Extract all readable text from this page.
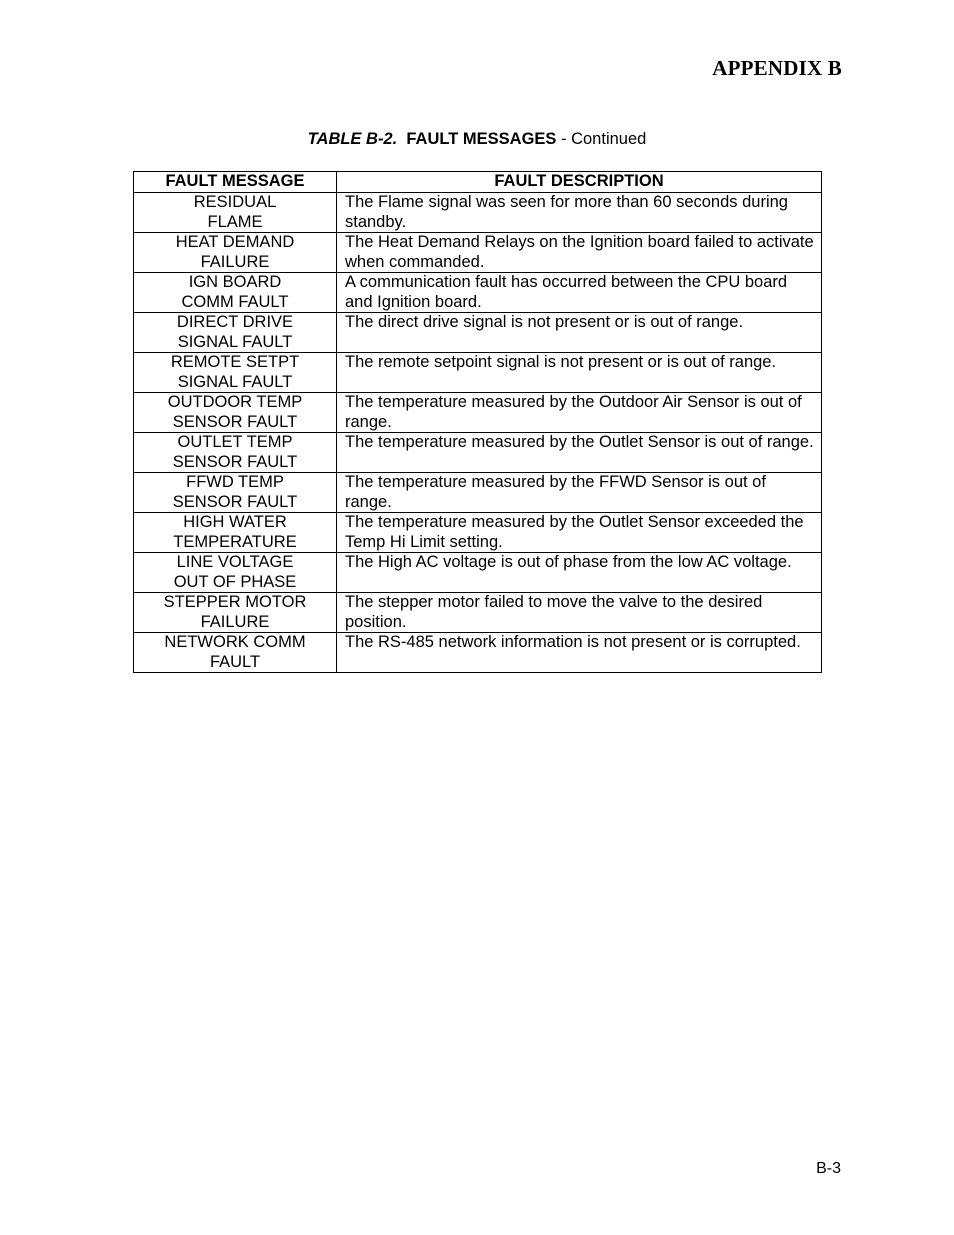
APPENDIX B
TABLE B-2. FAULT MESSAGES - Continued
FAULT MESSAGE	FAULT DESCRIPTION
RESIDUAL
FLAME	The Flame signal was seen for more than 60 seconds during standby.
HEAT DEMAND
FAILURE	The Heat Demand Relays on the Ignition board failed to activate when commanded.
IGN BOARD
COMM FAULT	A communication fault has occurred between the CPU board and Ignition board.
DIRECT DRIVE
SIGNAL FAULT	The direct drive signal is not present or is out of range.
REMOTE SETPT
SIGNAL FAULT	The remote setpoint signal is not present or is out of range.
OUTDOOR TEMP
SENSOR FAULT	The temperature measured by the Outdoor Air Sensor is out of range.
OUTLET TEMP
SENSOR FAULT	The temperature measured by the Outlet Sensor is out of range.
FFWD TEMP
SENSOR FAULT	The temperature measured by the FFWD Sensor is out of range.
HIGH WATER
TEMPERATURE	The temperature measured by the Outlet Sensor exceeded the Temp Hi Limit setting.
LINE VOLTAGE
OUT OF PHASE	The High AC voltage is out of phase from the low AC voltage.
STEPPER MOTOR
FAILURE	The stepper motor failed to move the valve to the desired position.
NETWORK COMM
FAULT	The RS-485 network information is not present or is corrupted.
B-3
